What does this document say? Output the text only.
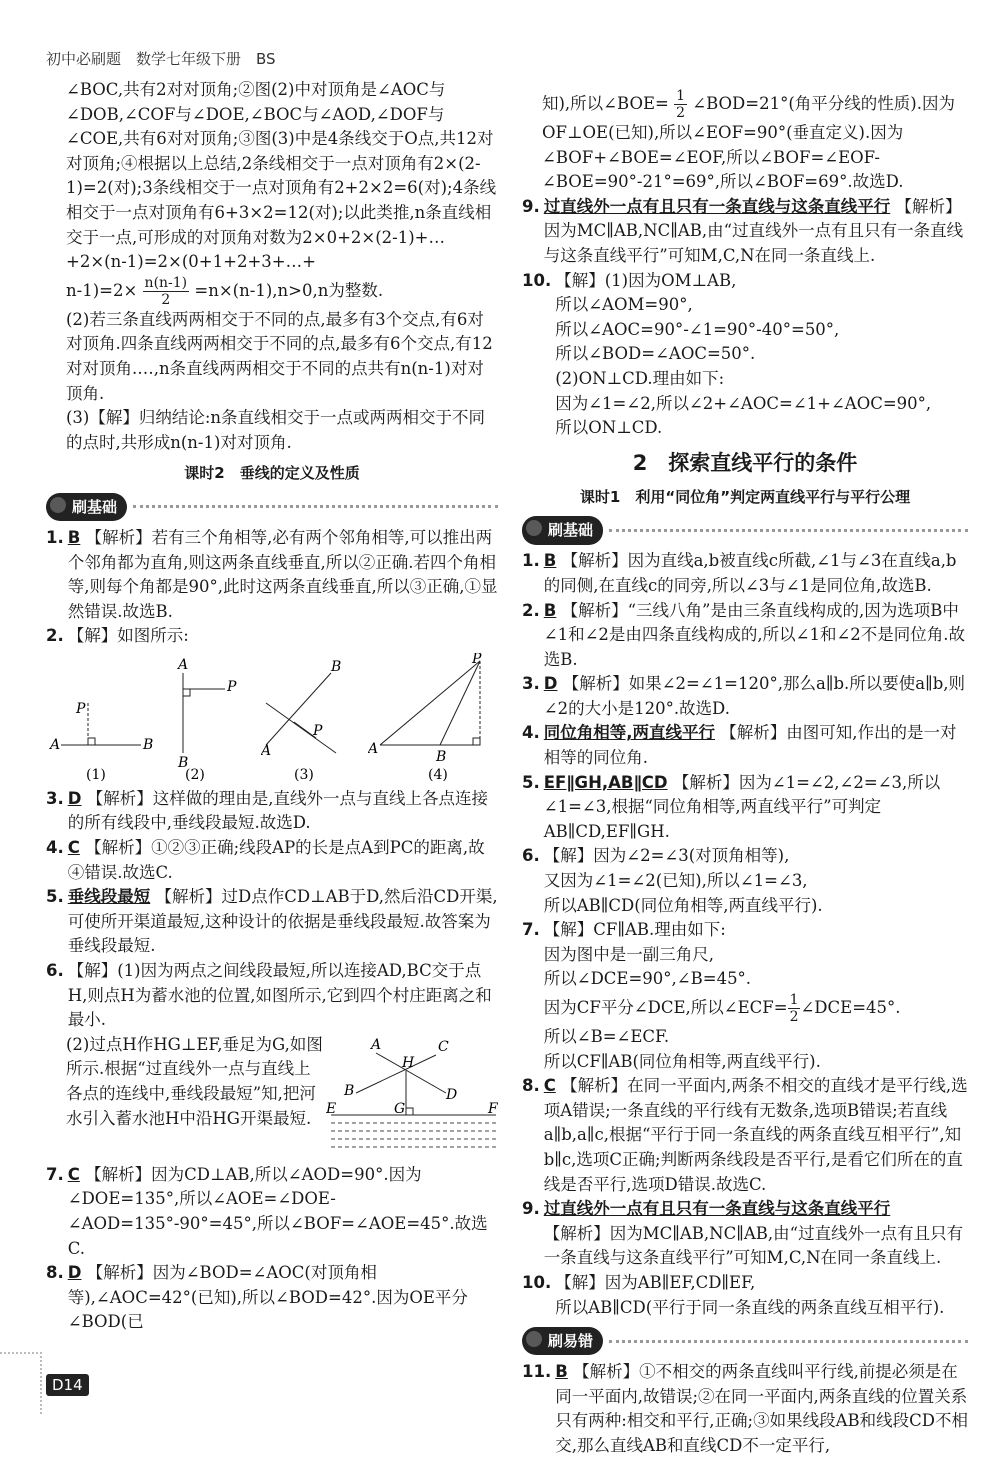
初中必刷题　数学七年级下册　BS

∠BOC,共有2对对顶角;②图(2)中对顶角是∠AOC与∠DOB,∠COF与∠DOE,∠BOC与∠AOD,∠DOF与∠COE,共有6对对顶角;③图(3)中是4条线交于O点,共12对对顶角;④根据以上总结,2条线相交于一点对顶角有2×(2-1)=2(对);3条线相交于一点对顶角有2+2×2=6(对);4条线相交于一点对顶角有6+3×2=12(对);以此类推,n条直线相交于一点,可形成的对顶角对数为2×0+2×(2-1)+…+2×(n-1)=2×(0+1+2+3+…+

$n-1)=2\times \frac{n(n-1)}{2} =n\times(n-1),n>0,n$为整数.

(2)若三条直线两两相交于不同的点,最多有3个交点,有6对对顶角.四条直线两两相交于不同的点,最多有6个交点,有12对对顶角.…,n条直线两两相交于不同的点共有n(n-1)对对顶角.

(3)【解】归纳结论:n条直线相交于一点或两两相交于不同的点时,共形成n(n-1)对对顶角.

课时2　垂线的定义及性质
刷基础
1. B 【解析】若有三个角相等,必有两个邻角相等,可以推出两个邻角都为直角,则这两条直线垂直,所以②正确.若四个角相等,则每个角都是90°,此时这两条直线垂直,所以③正确,①显然错误.故选B.
2. 【解】如图所示:
P
A	B
(1)
A
P
B
(2)
B
P
A
(3)
P
A	B
(4)
3. D 【解析】这样做的理由是,直线外一点与直线上各点连接的所有线段中,垂线段最短.故选D.
4. C 【解析】①②③正确;线段AP的长是点A到PC的距离,故④错误.故选C.
5. 垂线段最短 【解析】过D点作CD⊥AB于D,然后沿CD开渠,可使所开渠道最短,这种设计的依据是垂线段最短.故答案为垂线段最短.
6. 【解】(1)因为两点之间线段最短,所以连接AD,BC交于点H,则点H为蓄水池的位置,如图所示,它到四个村庄距离之和最小.

(2)过点H作HG⊥EF,垂足为G,如图所示.根据“过直线外一点与直线上各点的连线中,垂线段最短”知,把河水引入蓄水池H中沿HG开渠最短.

A	C
H
B	D
E	G	F
7. C 【解析】因为CD⊥AB,所以∠AOD=90°.因为∠DOE=135°,所以∠AOE=∠DOE-∠AOD=135°-90°=45°,所以∠BOF=∠AOE=45°.故选C.
8. D 【解析】因为∠BOD=∠AOC(对顶角相等),∠AOC=42°(已知),所以∠BOD=42°.因为OE平分∠BOD(已

知),所以∠BOE= $\frac{1}{2}$ ∠BOD=21°(角平分线的性质).因为OF⊥OE(已知),所以∠EOF=90°(垂直定义).因为∠BOF+∠BOE=∠EOF,所以∠BOF=∠EOF-∠BOE=90°-21°=69°,所以∠BOF=69°.故选D.

9. 过直线外一点有且只有一条直线与这条直线平行 【解析】因为MC∥AB,NC∥AB,由“过直线外一点有且只有一条直线与这条直线平行”可知M,C,N在同一条直线上.
10. 【解】(1)因为OM⊥AB,
所以∠AOM=90°,
所以∠AOC=90°-∠1=90°-40°=50°,
所以∠BOD=∠AOC=50°.
(2)ON⊥CD.理由如下:
因为∠1=∠2,所以∠2+∠AOC=∠1+∠AOC=90°,
所以ON⊥CD.
2　探索直线平行的条件
课时1　利用“同位角”判定两直线平行与平行公理
刷基础
1. B 【解析】因为直线a,b被直线c所截,∠1与∠3在直线a,b的同侧,在直线c的同旁,所以∠3与∠1是同位角,故选B.
2. B 【解析】“三线八角”是由三条直线构成的,因为选项B中∠1和∠2是由四条直线构成的,所以∠1和∠2不是同位角.故选B.
3. D 【解析】如果∠2=∠1=120°,那么a∥b.所以要使a∥b,则∠2的大小是120°.故选D.
4. 同位角相等,两直线平行 【解析】由图可知,作出的是一对相等的同位角.
5. EF∥GH,AB∥CD 【解析】因为∠1=∠2,∠2=∠3,所以∠1=∠3,根据“同位角相等,两直线平行”可判定AB∥CD,EF∥GH.
6. 【解】因为∠2=∠3(对顶角相等),
又因为∠1=∠2(已知),所以∠1=∠3,
所以AB∥CD(同位角相等,两直线平行).
7. 【解】CF∥AB.理由如下:
因为图中是一副三角尺,
所以∠DCE=90°,∠B=45°.
因为CF平分∠DCE,所以∠ECF= $\frac{1}{2}$ ∠DCE=45°.
所以∠B=∠ECF.
所以CF∥AB(同位角相等,两直线平行).
8. C 【解析】在同一平面内,两条不相交的直线才是平行线,选项A错误;一条直线的平行线有无数条,选项B错误;若直线a∥b,a∥c,根据“平行于同一条直线的两条直线互相平行”,知b∥c,选项C正确;判断两条线段是否平行,是看它们所在的直线是否平行,选项D错误.故选C.
9. 过直线外一点有且只有一条直线与这条直线平行
【解析】因为MC∥AB,NC∥AB,由“过直线外一点有且只有一条直线与这条直线平行”可知M,C,N在同一条直线上.
10. 【解】因为AB∥EF,CD∥EF,
所以AB∥CD(平行于同一条直线的两条直线互相平行).
刷易错
11. B 【解析】①不相交的两条直线叫平行线,前提必须是在同一平面内,故错误;②在同一平面内,两条直线的位置关系只有两种:相交和平行,正确;③如果线段AB和线段CD不相交,那么直线AB和直线CD不一定平行,
D14
